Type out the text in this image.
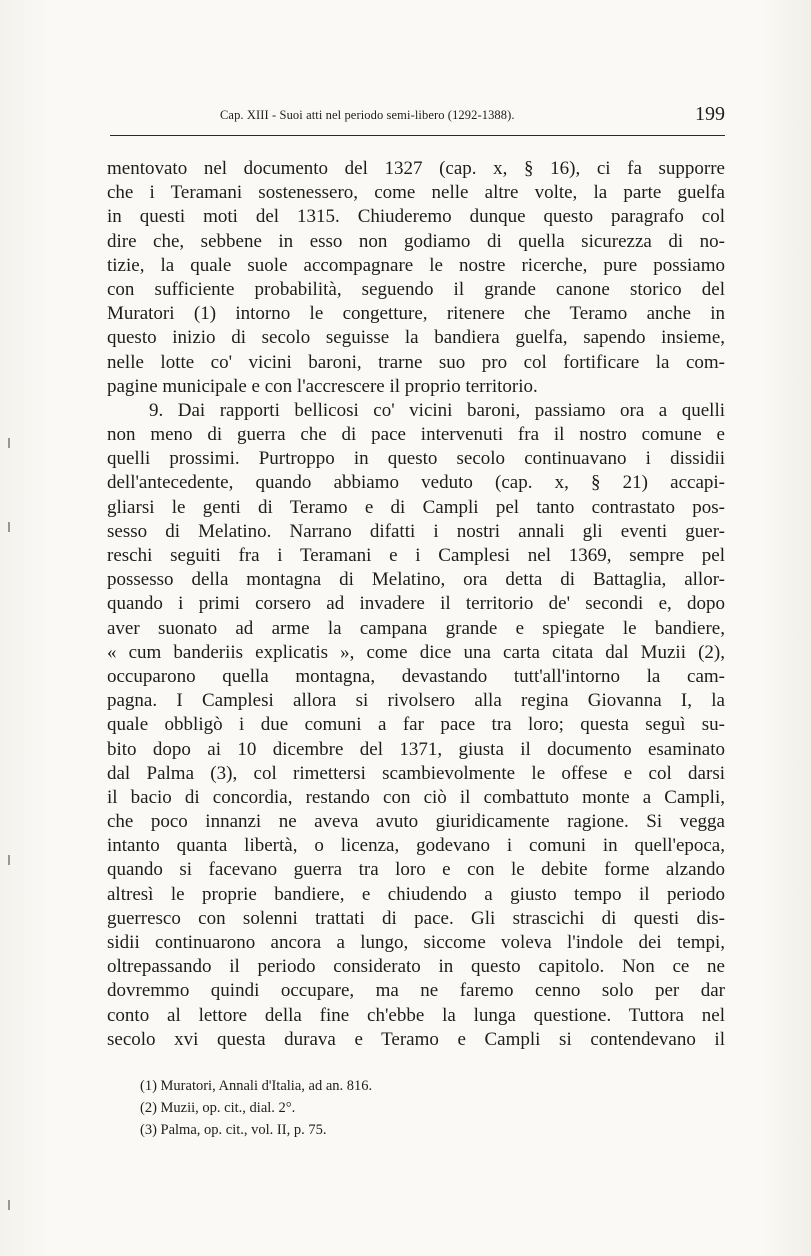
Cap. XIII - Suoi atti nel periodo semi-libero (1292-1388).	199
mentovato nel documento del 1327 (cap. x, § 16), ci fa supporre
che i Teramani sostenessero, come nelle altre volte, la parte guelfa
in questi moti del 1315. Chiuderemo dunque questo paragrafo col
dire che, sebbene in esso non godiamo di quella sicurezza di no-
tizie, la quale suole accompagnare le nostre ricerche, pure possiamo
con sufficiente probabilità, seguendo il grande canone storico del
Muratori (1) intorno le congetture, ritenere che Teramo anche in
questo inizio di secolo seguisse la bandiera guelfa, sapendo insieme,
nelle lotte co' vicini baroni, trarne suo pro col fortificare la com-
pagine municipale e con l'accrescere il proprio territorio.
9. Dai rapporti bellicosi co' vicini baroni, passiamo ora a quelli
non meno di guerra che di pace intervenuti fra il nostro comune e
quelli prossimi. Purtroppo in questo secolo continuavano i dissidii
dell'antecedente, quando abbiamo veduto (cap. x, § 21) accapi-
gliarsi le genti di Teramo e di Campli pel tanto contrastato pos-
sesso di Melatino. Narrano difatti i nostri annali gli eventi guer-
reschi seguiti fra i Teramani e i Camplesi nel 1369, sempre pel
possesso della montagna di Melatino, ora detta di Battaglia, allor-
quando i primi corsero ad invadere il territorio de' secondi e, dopo
aver suonato ad arme la campana grande e spiegate le bandiere,
« cum banderiis explicatis », come dice una carta citata dal Muzii (2),
occuparono quella montagna, devastando tutt'all'intorno la cam-
pagna. I Camplesi allora si rivolsero alla regina Giovanna I, la
quale obbligò i due comuni a far pace tra loro; questa seguì su-
bito dopo ai 10 dicembre del 1371, giusta il documento esaminato
dal Palma (3), col rimettersi scambievolmente le offese e col darsi
il bacio di concordia, restando con ciò il combattuto monte a Campli,
che poco innanzi ne aveva avuto giuridicamente ragione. Si vegga
intanto quanta libertà, o licenza, godevano i comuni in quell'epoca,
quando si facevano guerra tra loro e con le debite forme alzando
altresì le proprie bandiere, e chiudendo a giusto tempo il periodo
guerresco con solenni trattati di pace. Gli strascichi di questi dis-
sidii continuarono ancora a lungo, siccome voleva l'indole dei tempi,
oltrepassando il periodo considerato in questo capitolo. Non ce ne
dovremmo quindi occupare, ma ne faremo cenno solo per dar
conto al lettore della fine ch'ebbe la lunga questione. Tuttora nel
secolo xvi questa durava e Teramo e Campli si contendevano il
(1) Muratori, Annali d'Italia, ad an. 816.
(2) Muzii, op. cit., dial. 2°.
(3) Palma, op. cit., vol. II, p. 75.
